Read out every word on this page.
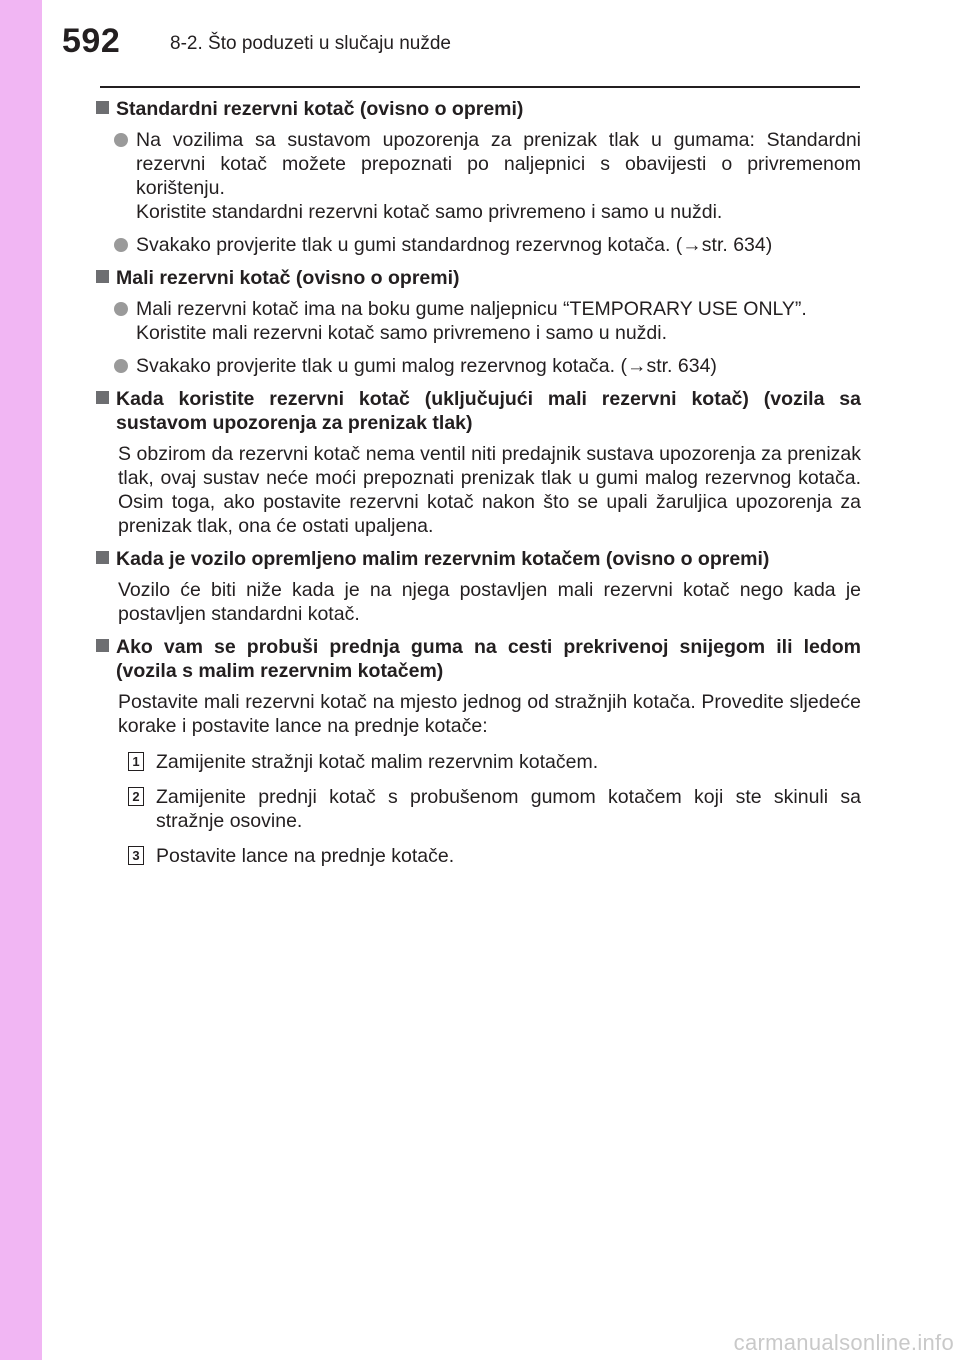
592	8-2. Što poduzeti u slučaju nužde
Standardni rezervni kotač (ovisno o opremi)
Na vozilima sa sustavom upozorenja za prenizak tlak u gumama: Standardni rezervni kotač možete prepoznati po naljepnici s obavijesti o privremenom korištenju.
Koristite standardni rezervni kotač samo privremeno i samo u nuždi.
Svakako provjerite tlak u gumi standardnog rezervnog kotača. (→str. 634)
Mali rezervni kotač (ovisno o opremi)
Mali rezervni kotač ima na boku gume naljepnicu “TEMPORARY USE ONLY”.
Koristite mali rezervni kotač samo privremeno i samo u nuždi.
Svakako provjerite tlak u gumi malog rezervnog kotača. (→str. 634)
Kada koristite rezervni kotač (uključujući mali rezervni kotač) (vozila sa sustavom upozorenja za prenizak tlak)
S obzirom da rezervni kotač nema ventil niti predajnik sustava upozorenja za prenizak tlak, ovaj sustav neće moći prepoznati prenizak tlak u gumi malog rezervnog kotača. Osim toga, ako postavite rezervni kotač nakon što se upali žaruljica upozorenja za prenizak tlak, ona će ostati upaljena.
Kada je vozilo opremljeno malim rezervnim kotačem (ovisno o opremi)
Vozilo će biti niže kada je na njega postavljen mali rezervni kotač nego kada je postavljen standardni kotač.
Ako vam se probuši prednja guma na cesti prekrivenoj snijegom ili ledom (vozila s malim rezervnim kotačem)
Postavite mali rezervni kotač na mjesto jednog od stražnjih kotača. Provedite sljedeće korake i postavite lance na prednje kotače:
1 Zamijenite stražnji kotač malim rezervnim kotačem.
2 Zamijenite prednji kotač s probušenom gumom kotačem koji ste skinuli sa stražnje osovine.
3 Postavite lance na prednje kotače.
carmanualsonline.info
